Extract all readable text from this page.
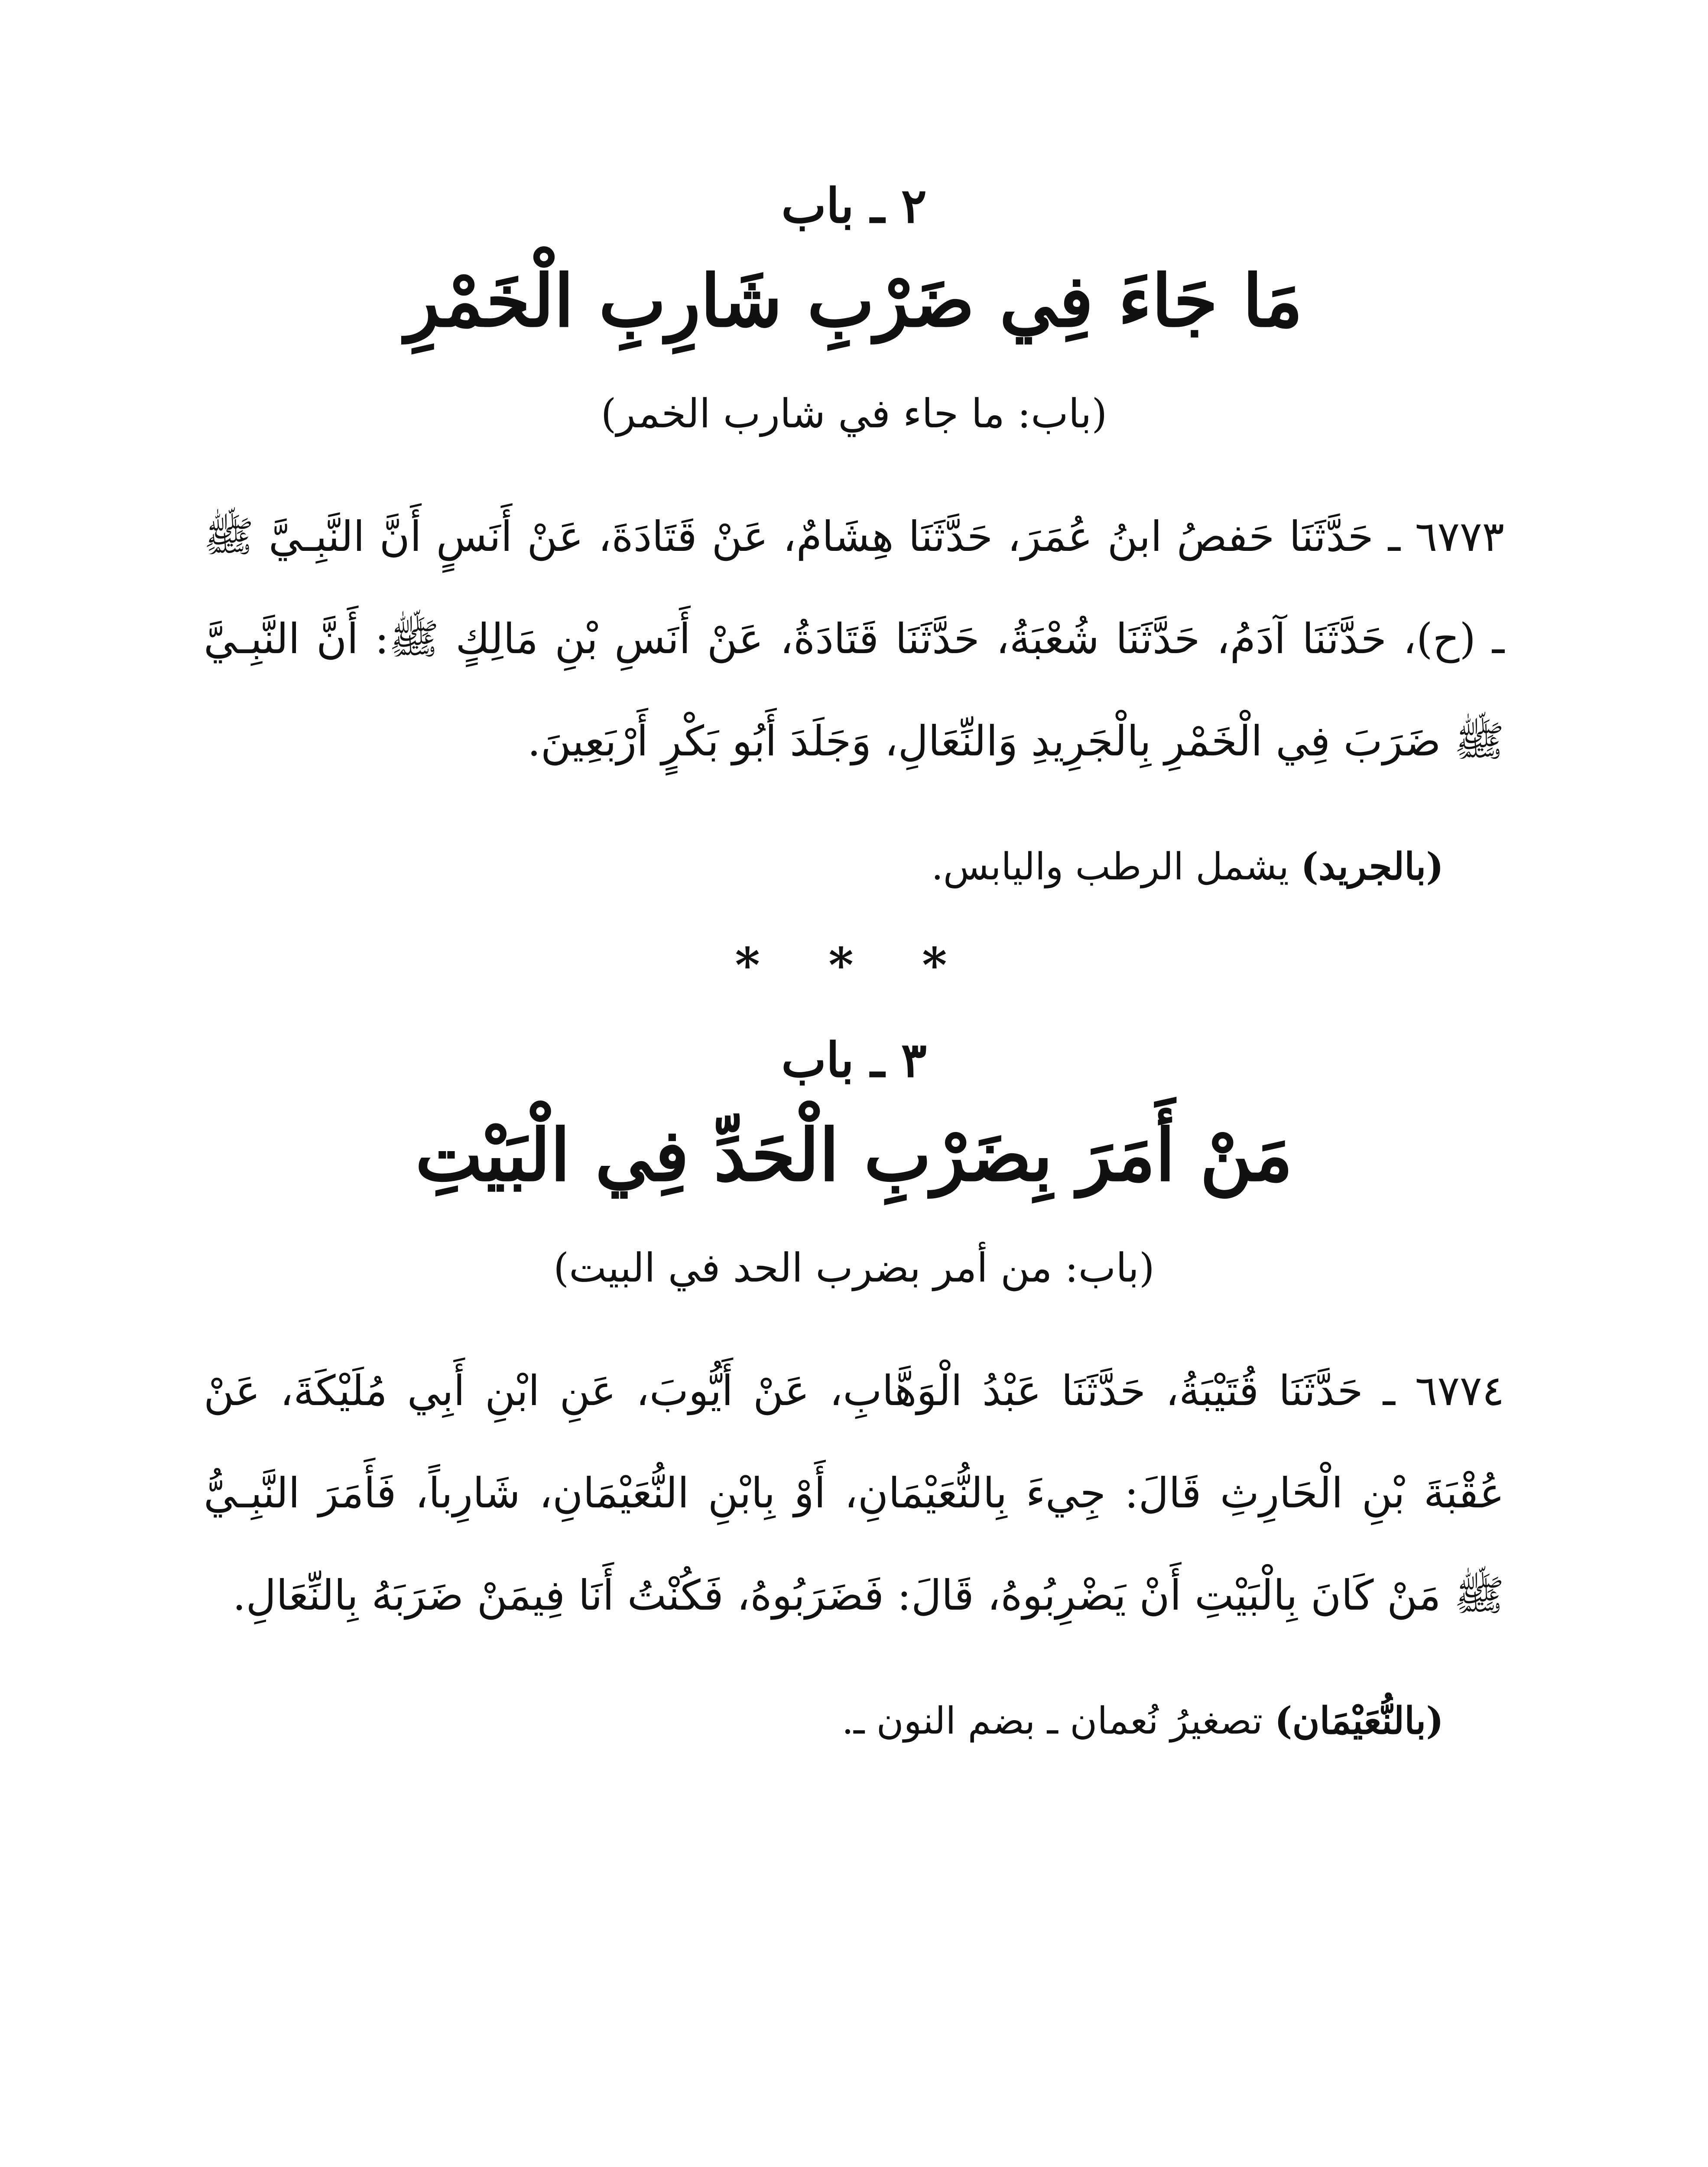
٢ ـ باب
مَا جَاءَ فِي ضَرْبِ شَارِبِ الْخَمْرِ
(باب: ما جاء في شارب الخمر)

٦٧٧٣ ـ حَدَّثَنَا حَفصُ ابنُ عُمَرَ، حَدَّثَنَا هِشَامٌ، عَنْ قَتَادَةَ، عَنْ أَنَسٍ أَنَّ النَّبِـيَّ ﷺ ـ (ح)، حَدَّثَنَا آدَمُ، حَدَّثَنَا شُعْبَةُ، حَدَّثَنَا قَتَادَةُ، عَنْ أَنَسِ بْنِ مَالِكٍ ﷺ: أَنَّ النَّبِـيَّ ﷺ ضَرَبَ فِي الْخَمْرِ بِالْجَرِيدِ وَالنِّعَالِ، وَجَلَدَ أَبُو بَكْرٍ أَرْبَعِينَ.

(بالجريد) يشمل الرطب واليابس.

* * *
٣ ـ باب
مَنْ أَمَرَ بِضَرْبِ الْحَدِّ فِي الْبَيْتِ
(باب: من أمر بضرب الحد في البيت)

٦٧٧٤ ـ حَدَّثَنَا قُتَيْبَةُ، حَدَّثَنَا عَبْدُ الْوَهَّابِ، عَنْ أَيُّوبَ، عَنِ ابْنِ أَبِي مُلَيْكَةَ، عَنْ عُقْبَةَ بْنِ الْحَارِثِ قَالَ: جِيءَ بِالنُّعَيْمَانِ، أَوْ بِابْنِ النُّعَيْمَانِ، شَارِباً، فَأَمَرَ النَّبِـيُّ ﷺ مَنْ كَانَ بِالْبَيْتِ أَنْ يَضْرِبُوهُ، قَالَ: فَضَرَبُوهُ، فَكُنْتُ أَنَا فِيمَنْ ضَرَبَهُ بِالنِّعَالِ.

(بالنُّعَيْمَان) تصغيرُ نُعمان ـ بضم النون ـ.
